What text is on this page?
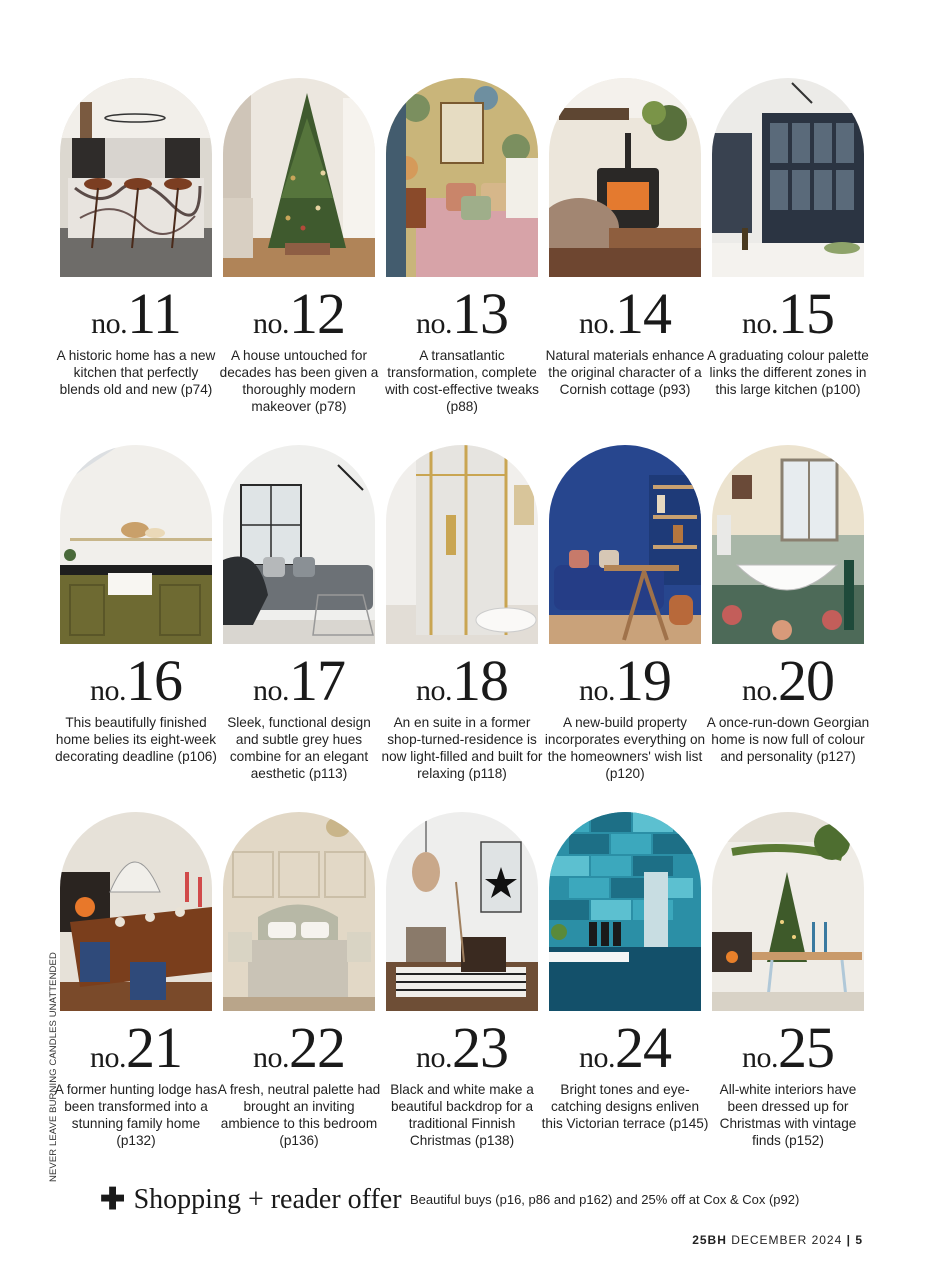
NEVER LEAVE BURNING CANDLES UNATTENDED
no.11
A historic home has a new kitchen that perfectly blends old and new (p74)
no.12
A house untouched for decades has been given a thoroughly modern makeover (p78)
no.13
A transatlantic transformation, complete with cost-effective tweaks (p88)
no.14
Natural materials enhance the original character of a Cornish cottage (p93)
no.15
A graduating colour palette links the different zones in this large kitchen (p100)
no.16
This beautifully finished home belies its eight-week decorating deadline (p106)
no.17
Sleek, functional design and subtle grey hues combine for an elegant aesthetic (p113)
no.18
An en suite in a former shop-turned-residence is now light-filled and built for relaxing (p118)
no.19
A new-build property incorporates everything on the homeowners' wish list (p120)
no.20
A once-run-down Georgian home is now full of colour and personality (p127)
no.21
A former hunting lodge has been transformed into a stunning family home (p132)
no.22
A fresh, neutral palette had brought an inviting ambience to this bedroom (p136)
no.23
Black and white make a beautiful backdrop for a traditional Finnish Christmas (p138)
no.24
Bright tones and eye-catching designs enliven this Victorian terrace (p145)
no.25
All-white interiors have been dressed up for Christmas with vintage finds (p152)
✚ Shopping + reader offer Beautiful buys (p16, p86 and p162) and 25% off at Cox & Cox (p92)
25BH DECEMBER 2024 | 5
